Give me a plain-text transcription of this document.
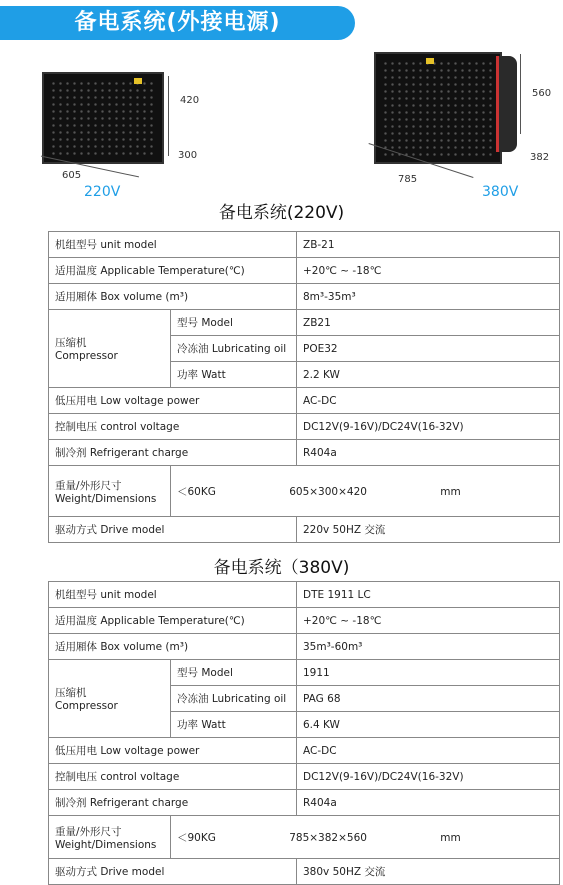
备电系统(外接电源)
420
300
605
220V
560
382
785
380V
备电系统(220V)
机组型号 unit model		ZB-21
适用温度 Applicable Temperature(℃)		+20℃ ~ -18℃
适用厢体 Box volume (m³)		8m³-35m³

压缩机
Compressor	型号 Model	ZB21
	冷冻油 Lubricating oil	POE32
	功率 Watt	2.2 KW
低压用电 Low voltage power		AC-DC
控制电压 control voltage		DC12V(9-16V)/DC24V(16-32V)
制冷剂 Refrigerant charge		R404a

重量/外形尺寸
Weight/Dimensions	＜60KG 605×300×420 mm	
驱动方式 Drive model		220v 50HZ 交流
备电系统（380V)
机组型号 unit model		DTE 1911 LC
适用温度 Applicable Temperature(℃)		+20℃ ~ -18℃
适用厢体 Box volume (m³)		35m³-60m³

压缩机
Compressor	型号 Model	1911
	冷冻油 Lubricating oil	PAG 68
	功率 Watt	6.4 KW
低压用电 Low voltage power		AC-DC
控制电压 control voltage		DC12V(9-16V)/DC24V(16-32V)
制冷剂 Refrigerant charge		R404a

重量/外形尺寸
Weight/Dimensions	＜90KG 785×382×560 mm	
驱动方式 Drive model		380v 50HZ 交流
